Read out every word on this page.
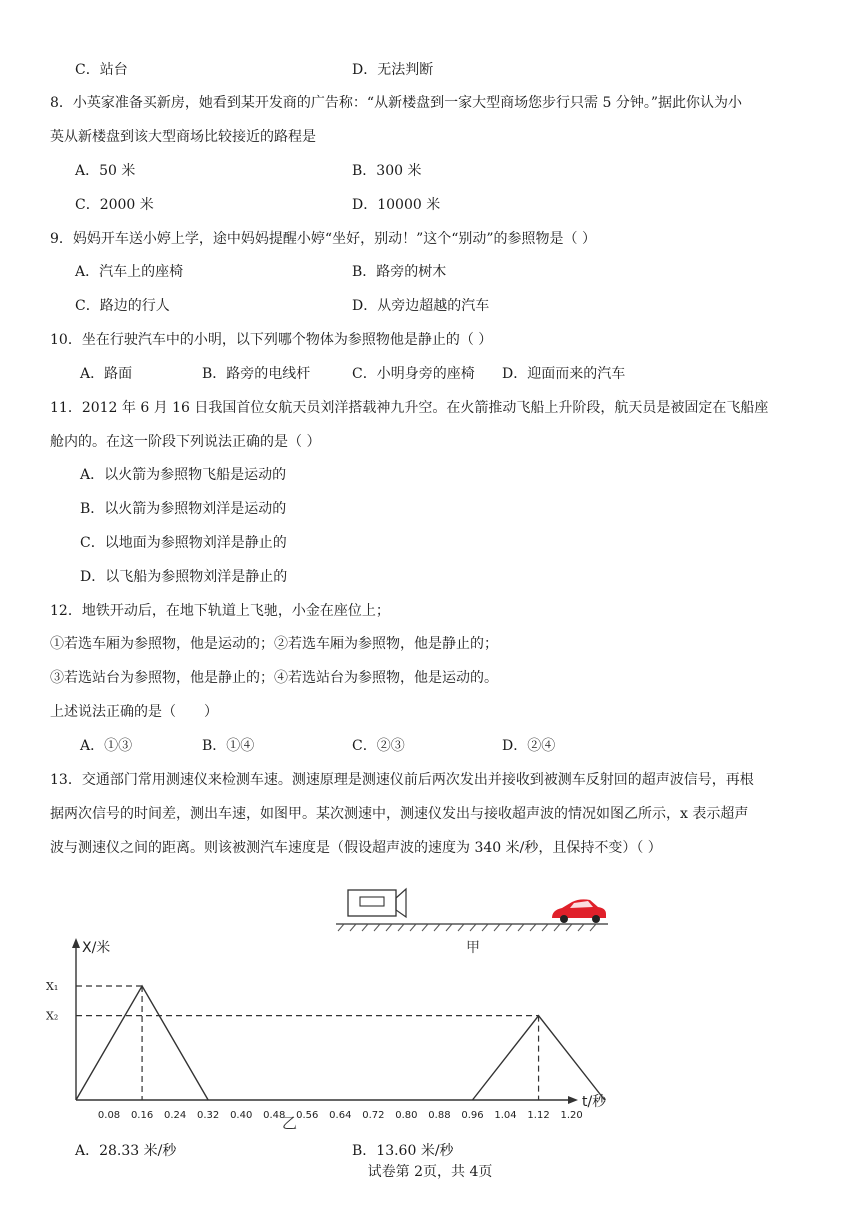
C．站台	D．无法判断
8．小英家准备买新房，她看到某开发商的广告称：“从新楼盘到一家大型商场您步行只需 5 分钟。”据此你认为小
英从新楼盘到该大型商场比较接近的路程是
A．50 米	B．300 米
C．2000 米	D．10000 米
9．妈妈开车送小婷上学，途中妈妈提醒小婷“坐好，别动！”这个“别动”的参照物是（ ）
A．汽车上的座椅	B．路旁的树木
C．路边的行人	D．从旁边超越的汽车
10．坐在行驶汽车中的小明，以下列哪个物体为参照物他是静止的（ ）
A．路面	B．路旁的电线杆	C．小明身旁的座椅 D．迎面而来的汽车
11．2012 年 6 月 16 日我国首位女航天员刘洋搭载神九升空。在火箭推动飞船上升阶段，航天员是被固定在飞船座
舱内的。在这一阶段下列说法正确的是（ ）
A．以火箭为参照物飞船是运动的
B．以火箭为参照物刘洋是运动的
C．以地面为参照物刘洋是静止的
D．以飞船为参照物刘洋是静止的
12．地铁开动后，在地下轨道上飞驰，小金在座位上；
①若选车厢为参照物，他是运动的；②若选车厢为参照物，他是静止的；
③若选站台为参照物，他是静止的；④若选站台为参照物，他是运动的。
上述说法正确的是（　　）
A．①③	B．①④	C．②③	D．②④
13．交通部门常用测速仪来检测车速。测速原理是测速仪前后两次发出并接收到被测车反射回的超声波信号，再根
据两次信号的时间差，测出车速，如图甲。某次测速中，测速仪发出与接收超声波的情况如图乙所示，x 表示超声
波与测速仪之间的距离。则该被测汽车速度是（假设超声波的速度为 340 米/秒，且保持不变）（ ）
甲
X/米
t/秒
X₁
X₂
0.08 0.16 0.24 0.32 0.40 0.48 0.56 0.64 0.72 0.80 0.88 0.96 1.04 1.12 1.20
乙
A．28.33 米/秒	B．13.60 米/秒
试卷第 2页，共 4页
